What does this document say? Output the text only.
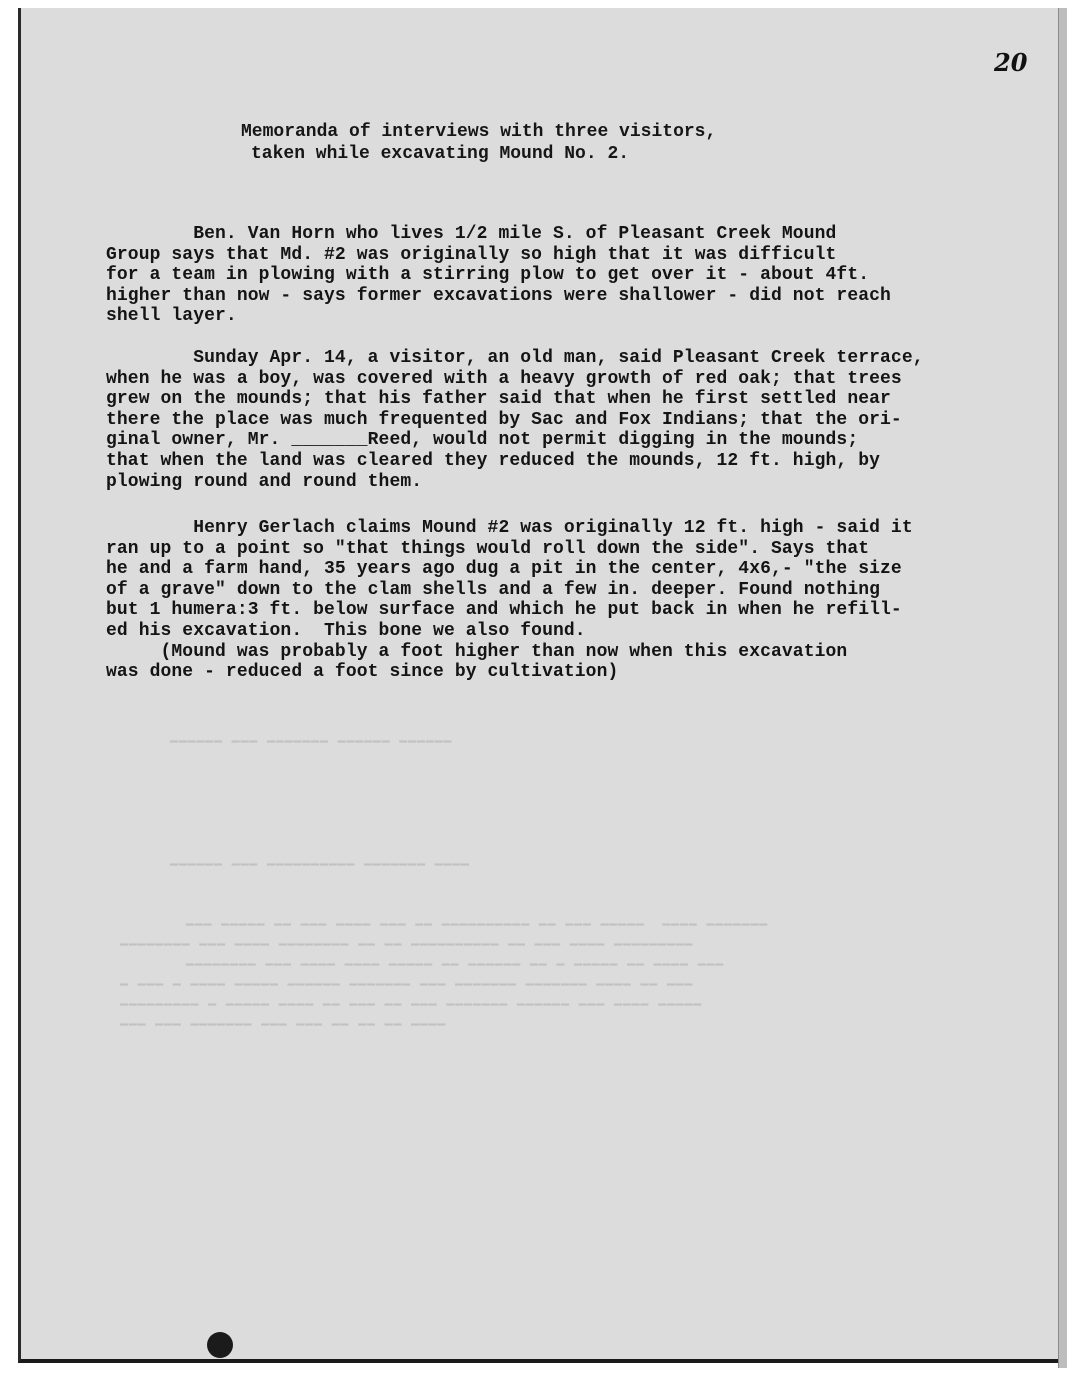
━━━━━━ ━━━ ━━━━━━━ ━━━━━━ ━━━━━━
━━━━━━ ━━━ ━━━━━━━━━━ ━━━━━━━ ━━━━
━━━ ━━━━━ ━━ ━━━ ━━━━ ━━━ ━━ ━━━━━━━━━━ ━━ ━━━ ━━━━━  ━━━━ ━━━━━━━
━━━━━━━━ ━━━ ━━━━ ━━━━━━━━ ━━ ━━ ━━━━━━━━━━ ━━ ━━━ ━━━━ ━━━━━━━━━
━━━━━━━━ ━━━ ━━━━ ━━━━ ━━━━━ ━━ ━━━━━━ ━━ ━ ━━━━━ ━━ ━━━━ ━━━
━ ━━━ ━ ━━━━ ━━━━━ ━━━━━━ ━━━━━━━ ━━━ ━━━━━━━ ━━━━━━━ ━━━━ ━━ ━━━
━━━━━━━━━ ━ ━━━━━ ━━━━ ━━ ━━━ ━━ ━━━ ━━━━━━━ ━━━━━━ ━━━ ━━━━ ━━━━━
━━━ ━━━ ━━━━━━━ ━━━ ━━━ ━━ ━━ ━━ ━━━━
20
Memoranda of interviews with three visitors,
taken while excavating Mound No. 2.
Ben. Van Horn who lives 1/2 mile S. of Pleasant Creek Mound
Group says that Md. #2 was originally so high that it was difficult
for a team in plowing with a stirring plow to get over it - about 4ft.
higher than now - says former excavations were shallower - did not reach
shell layer.
Sunday Apr. 14, a visitor, an old man, said Pleasant Creek terrace,
when he was a boy, was covered with a heavy growth of red oak; that trees
grew on the mounds; that his father said that when he first settled near
there the place was much frequented by Sac and Fox Indians; that the ori-
ginal owner, Mr. _______Reed, would not permit digging in the mounds;
that when the land was cleared they reduced the mounds, 12 ft. high, by
plowing round and round them.
Henry Gerlach claims Mound #2 was originally 12 ft. high - said it
ran up to a point so "that things would roll down the side". Says that
he and a farm hand, 35 years ago dug a pit in the center, 4x6,- "the size
of a grave" down to the clam shells and a few in. deeper. Found nothing
but 1 humera:3 ft. below surface and which he put back in when he refill-
ed his excavation.  This bone we also found.
(Mound was probably a foot higher than now when this excavation
was done - reduced a foot since by cultivation)
